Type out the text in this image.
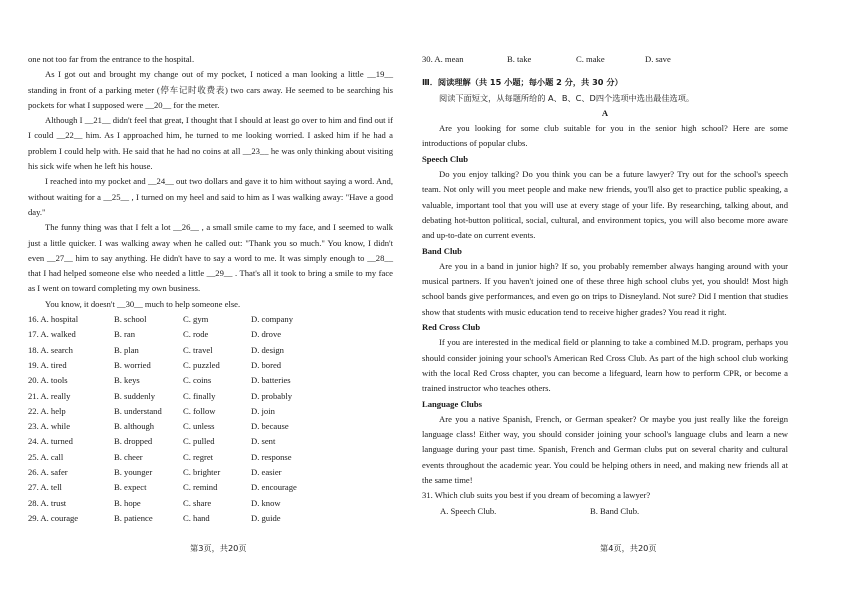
one not too far from the entrance to the hospital.

As I got out and brought my change out of my pocket, I noticed a man looking a little __19__ standing in front of a parking meter (停车记时收费表) two cars away. He seemed to be searching his pockets for what I supposed were __20__ for the meter.

Although I __21__ didn't feel that great, I thought that I should at least go over to him and find out if I could __22__ him. As I approached him, he turned to me looking worried. I asked him if he had a problem I could help with. He said that he had no coins at all __23__ he was only thinking about visiting his sick wife when he left his house.

I reached into my pocket and __24__ out two dollars and gave it to him without saying a word. And, without waiting for a __25__ , I turned on my heel and said to him as I was walking away: "Have a good day."

The funny thing was that I felt a lot __26__ , a small smile came to my face, and I seemed to walk just a little quicker. I was walking away when he called out: "Thank you so much." You know, I didn't even __27__ him to say anything. He didn't have to say a word to me. It was simply enough to __28__ that I had helped someone else who needed a little __29__ . That's all it took to bring a smile to my face as I went on toward completing my own business.

You know, it doesn't __30__ much to help someone else.

16. A. hospital	B. school	C. gym	D. company
17. A. walked	B. ran	C. rode	D. drove
18. A. search	B. plan	C. travel	D. design
19. A. tired	B. worried	C. puzzled	D. bored
20. A. tools	B. keys	C. coins	D. batteries
21. A. really	B. suddenly	C. finally	D. probably
22. A. help	B. understand	C. follow	D. join
23. A. while	B. although	C. unless	D. because
24. A. turned	B. dropped	C. pulled	D. sent
25. A. call	B. cheer	C. regret	D. response
26. A. safer	B. younger	C. brighter	D. easier
27. A. tell	B. expect	C. remind	D. encourage
28. A. trust	B. hope	C. share	D. know
29. A. courage	B. patience	C. hand	D. guide
30. A. mean	B. take	C. make	D. save

Ⅲ．阅读理解（共 15 小题；每小题 2 分，共 30 分）

阅读下面短文，从每题所给的 A、B、C、D四个选项中选出最佳选项。

A

Are you looking for some club suitable for you in the senior high school? Here are some introductions of popular clubs.

Speech Club

Do you enjoy talking? Do you think you can be a future lawyer? Try out for the school's speech team. Not only will you meet people and make new friends, you'll also get to practice public speaking, a valuable, important tool that you will use at every stage of your life. By researching, talking about, and debating hot-button political, social, cultural, and environment topics, you will also become more aware and up-to-date on current events.

Band Club

Are you in a band in junior high? If so, you probably remember always hanging around with your musical partners. If you haven't joined one of these three high school clubs yet, you should! Most high school bands give performances, and even go on trips to Disneyland. Not sure? Did I mention that studies show that students with music education tend to receive higher grades? You read it right.

Red Cross Club

If you are interested in the medical field or planning to take a combined M.D. program, perhaps you should consider joining your school's American Red Cross Club. As part of the high school club working with the local Red Cross chapter, you can become a lifeguard, learn how to perform CPR, or become a trained instructor who teaches others.

Language Clubs

Are you a native Spanish, French, or German speaker? Or maybe you just really like the foreign language class! Either way, you should consider joining your school's language clubs and learn a new language during your past time. Spanish, French and German clubs put on several charity and cultural events throughout the academic year. You could be helping others in need, and making new friends all at the same time!

31. Which club suits you best if you dream of becoming a lawyer?

A. Speech Club.	B. Band Club.
第3页，共20页	第4页，共20页
